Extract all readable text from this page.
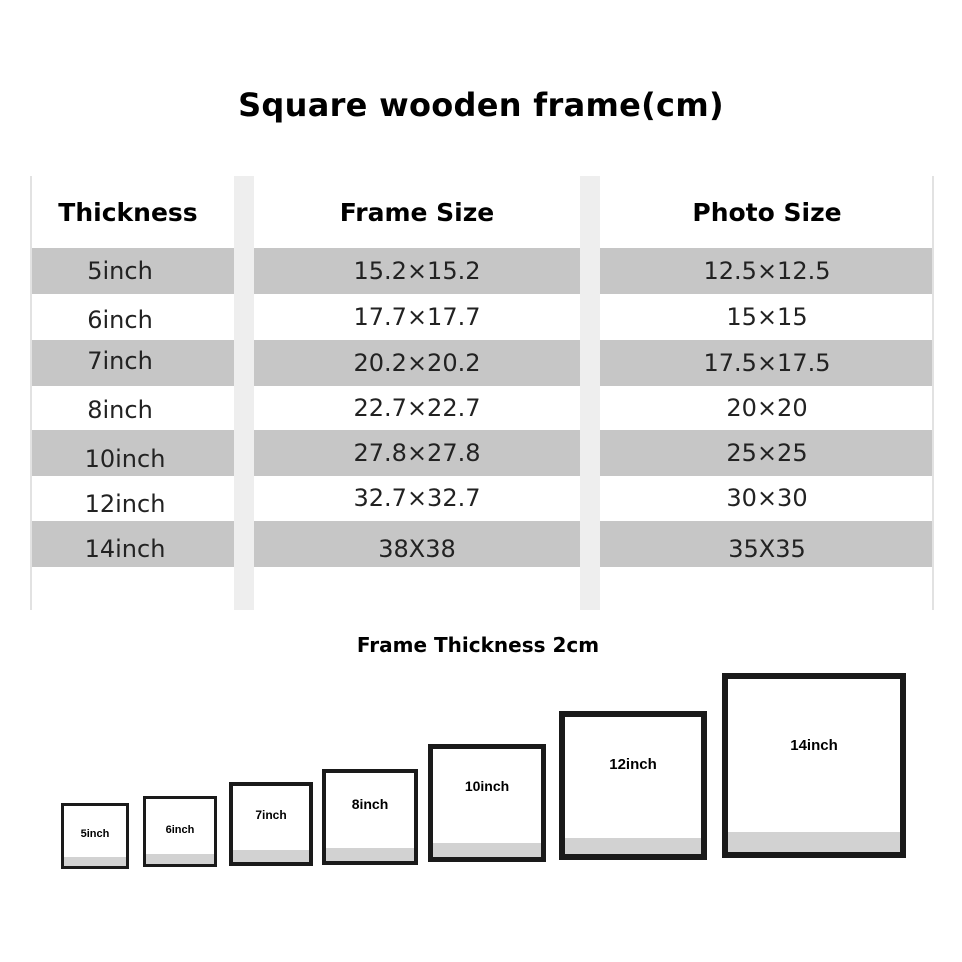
Square wooden frame(cm)
Thickness	Frame Size	Photo Size
5inch	15.2×15.2	12.5×12.5
6inch	17.7×17.7	15×15
7inch	20.2×20.2	17.5×17.5
8inch	22.7×22.7	20×20
10inch	27.8×27.8	25×25
12inch	32.7×32.7	30×30
14inch	38X38	35X35
Frame Thickness 2cm
5inch	6inch
7inch
8inch
10inch
12inch
14inch
